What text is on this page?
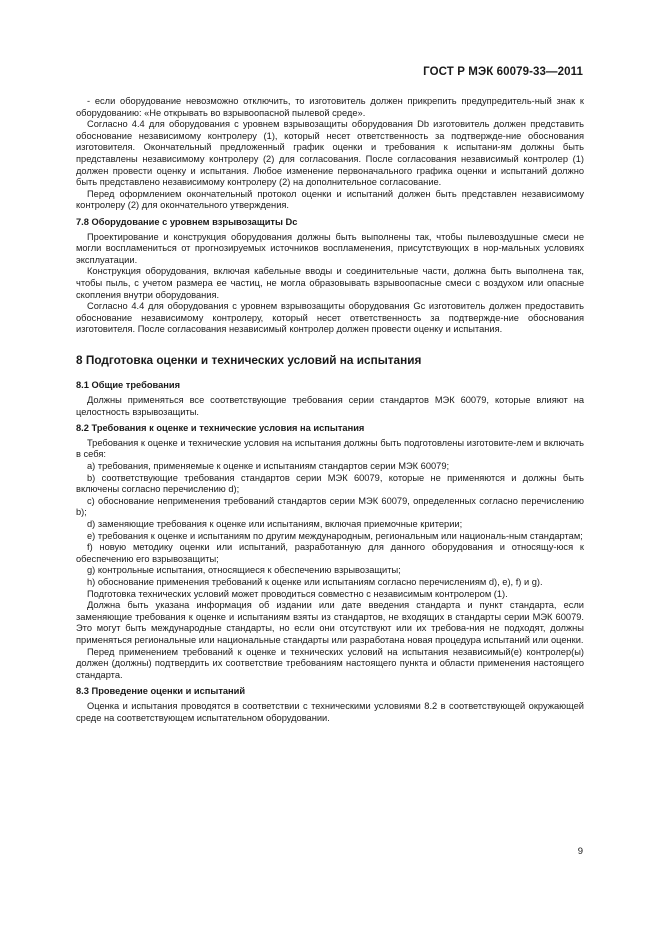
ГОСТ Р МЭК 60079-33—2011

- если оборудование невозможно отключить, то изготовитель должен прикрепить предупредитель-ный знак к оборудованию: «Не открывать во взрывоопасной пылевой среде».

Согласно 4.4 для оборудования с уровнем взрывозащиты оборудования Db изготовитель должен представить обоснование независимому контролеру (1), который несет ответственность за подтвержде-ние обоснования изготовителя. Окончательный предложенный график оценки и требования к испытани-ям должны быть представлены независимому контролеру (2) для согласования. После согласования независимый контролер (1) должен провести оценку и испытания. Любое изменение первоначального графика оценки и испытаний должно быть представлено независимому контролеру (2) на дополнительное согласование.

Перед оформлением окончательный протокол оценки и испытаний должен быть представлен независимому контролеру (2) для окончательного утверждения.

7.8 Оборудование с уровнем взрывозащиты Dc

Проектирование и конструкция оборудования должны быть выполнены так, чтобы пылевоздушные смеси не могли воспламениться от прогнозируемых источников воспламенения, присутствующих в нор-мальных условиях эксплуатации.

Конструкция оборудования, включая кабельные вводы и соединительные части, должна быть выполнена так, чтобы пыль, с учетом размера ее частиц, не могла образовывать взрывоопасные смеси с воздухом или опасные скопления внутри оборудования.

Согласно 4.4 для оборудования с уровнем взрывозащиты оборудования Gc изготовитель должен предоставить обоснование независимому контролеру, который несет ответственность за подтвержде-ние обоснования изготовителя. После согласования независимый контролер должен провести оценку и испытания.

8 Подготовка оценки и технических условий на испытания
8.1 Общие требования

Должны применяться все соответствующие требования серии стандартов МЭК 60079, которые влияют на целостность взрывозащиты.

8.2 Требования к оценке и технические условия на испытания

Требования к оценке и технические условия на испытания должны быть подготовлены изготовите-лем и включать в себя:

a) требования, применяемые к оценке и испытаниям стандартов серии МЭК 60079;

b) соответствующие требования стандартов серии МЭК 60079, которые не применяются и должны быть включены согласно перечислению d);

c) обоснование неприменения требований стандартов серии МЭК 60079, определенных согласно перечислению b);

d) заменяющие требования к оценке или испытаниям, включая приемочные критерии;

e) требования к оценке и испытаниям по другим международным, региональным или националь-ным стандартам;

f) новую методику оценки или испытаний, разработанную для данного оборудования и относящу-юся к обеспечению его взрывозащиты;

g) контрольные испытания, относящиеся к обеспечению взрывозащиты;

h) обоснование применения требований к оценке или испытаниям согласно перечислениям d), e), f) и g).

Подготовка технических условий может проводиться совместно с независимым контролером (1).

Должна быть указана информация об издании или дате введения стандарта и пункт стандарта, если заменяющие требования к оценке и испытаниям взяты из стандартов, не входящих в стандарты серии МЭК 60079. Это могут быть международные стандарты, но если они отсутствуют или их требова-ния не подходят, должны применяться региональные или национальные стандарты или разработана новая процедура испытаний или оценки.

Перед применением требований к оценке и технических условий на испытания независимый(е) контролер(ы) должен (должны) подтвердить их соответствие требованиям настоящего пункта и области применения настоящего стандарта.

8.3 Проведение оценки и испытаний

Оценка и испытания проводятся в соответствии с техническими условиями 8.2 в соответствующей окружающей среде на соответствующем испытательном оборудовании.

9
